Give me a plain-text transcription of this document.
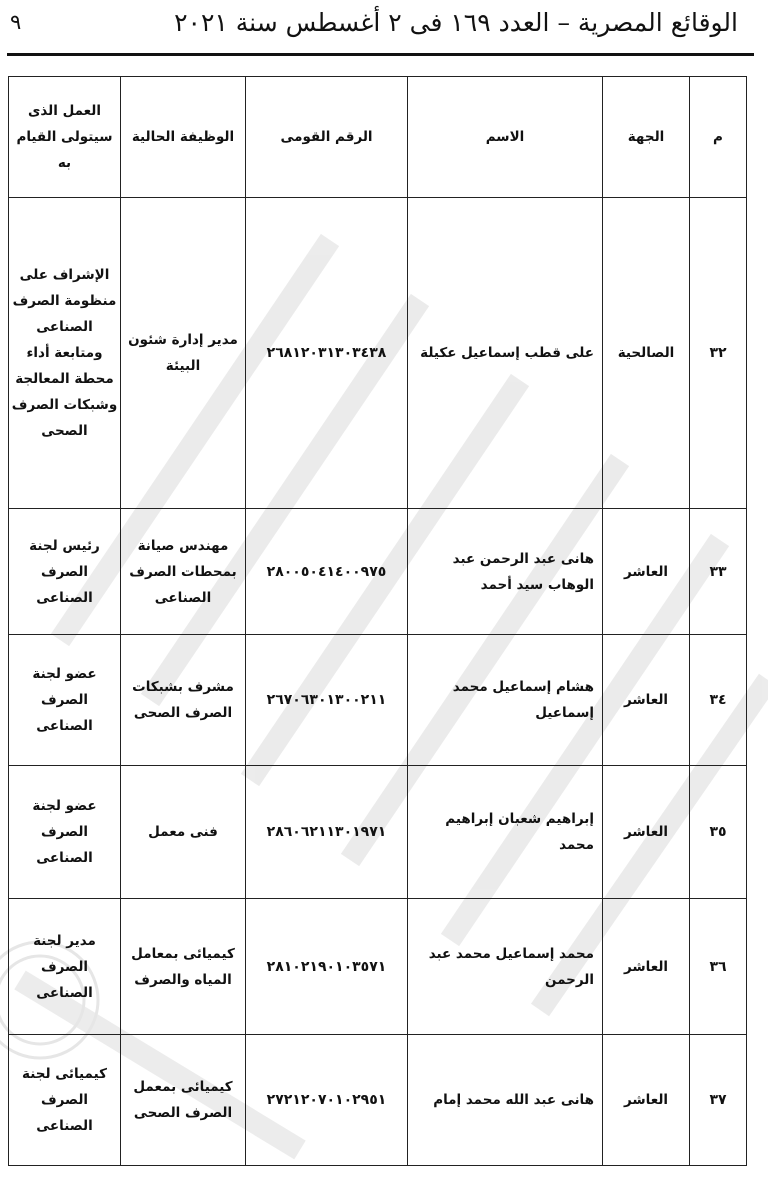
الوقائع المصرية – العدد ١٦٩ فى ٢ أغسطس سنة ٢٠٢١
٩
م	الجهة	الاسم	الرقم القومى	الوظيفة الحالية	العمل الذى سيتولى القيام به
٣٢	الصالحية	على قطب إسماعيل عكيلة	٢٦٨١٢٠٣١٣٠٣٤٣٨	مدير إدارة شئون البيئة	الإشراف على منظومة الصرف الصناعى ومتابعة أداء محطة المعالجة وشبكات الصرف الصحى
٣٣	العاشر	هانى عبد الرحمن عبد الوهاب سيد أحمد	٢٨٠٠٥٠٤١٤٠٠٩٧٥	مهندس صيانة بمحطات الصرف الصناعى	رئيس لجنة الصرف الصناعى
٣٤	العاشر	هشام إسماعيل محمد إسماعيل	٢٦٧٠٦٣٠١٣٠٠٢١١	مشرف بشبكات الصرف الصحى	عضو لجنة الصرف الصناعى
٣٥	العاشر	إبراهيم شعبان إبراهيم محمد	٢٨٦٠٦٢١١٣٠١٩٧١	فنى معمل	عضو لجنة الصرف الصناعى
٣٦	العاشر	محمد إسماعيل محمد عبد الرحمن	٢٨١٠٢١٩٠١٠٣٥٧١	كيميائى بمعامل المياه والصرف	مدير لجنة الصرف الصناعى
٣٧	العاشر	هانى عبد الله محمد إمام	٢٧٢١٢٠٧٠١٠٢٩٥١	كيميائى بمعمل الصرف الصحى	كيميائى لجنة الصرف الصناعى
